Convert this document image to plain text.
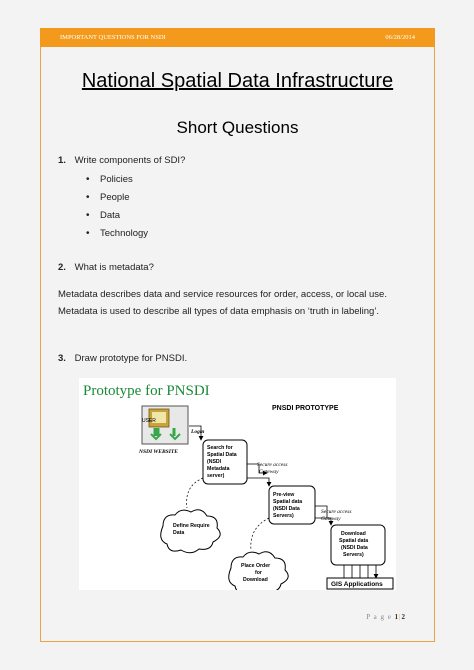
IMPORTANT QUESTIONS FOR NSDI	06/28/2014
National Spatial Data Infrastructure
Short Questions
1. Write components of SDI?
• Policies
• People
• Data
• Technology
2. What is metadata?
Metadata describes data and service resources for order, access, or local use. Metadata is used to describe all types of data emphasis on ‘truth in labeling’.
3. Draw prototype for PNSDI.
Prototype for PNSDI
PNSDI PROTOTYPE
USER
NSDI WEBSITE
Login
Search for Spatial Data (NSDI Metadata server)
Secure access Gateway
Pre-view Spatial data (NSDI Data Servers)
Secure access Gateway
Download Spatial data (NSDI Data Servers)
GIS Applications
Define Require Data
Place Order for Download
P a g e 1|2
